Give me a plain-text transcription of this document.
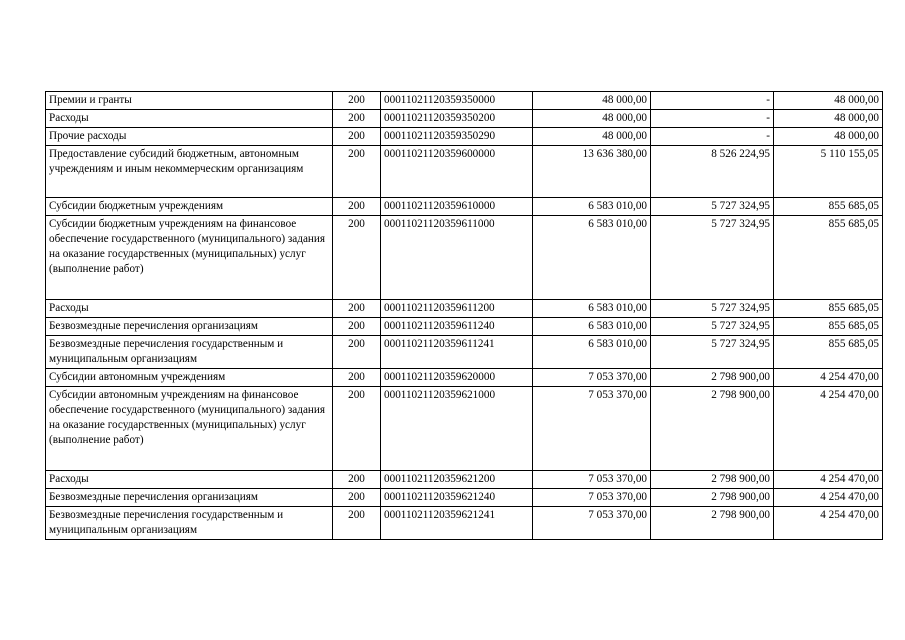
Премии и гранты	200	00011021120359350000	48 000,00	-	48 000,00
Расходы	200	00011021120359350200	48 000,00	-	48 000,00
Прочие расходы	200	00011021120359350290	48 000,00	-	48 000,00
Предоставление субсидий бюджетным, автономным учреждениям и иным некоммерческим организациям	200	00011021120359600000	13 636 380,00	8 526 224,95	5 110 155,05
Субсидии бюджетным учреждениям	200	00011021120359610000	6 583 010,00	5 727 324,95	855 685,05
Субсидии бюджетным учреждениям на финансовое обеспечение государственного (муниципального) задания на оказание государственных (муниципальных) услуг (выполнение работ)	200	00011021120359611000	6 583 010,00	5 727 324,95	855 685,05
Расходы	200	00011021120359611200	6 583 010,00	5 727 324,95	855 685,05
Безвозмездные перечисления организациям	200	00011021120359611240	6 583 010,00	5 727 324,95	855 685,05
Безвозмездные перечисления государственным и муниципальным организациям	200	00011021120359611241	6 583 010,00	5 727 324,95	855 685,05
Субсидии автономным учреждениям	200	00011021120359620000	7 053 370,00	2 798 900,00	4 254 470,00
Субсидии автономным учреждениям на финансовое обеспечение государственного (муниципального) задания на оказание государственных (муниципальных) услуг (выполнение работ)	200	00011021120359621000	7 053 370,00	2 798 900,00	4 254 470,00
Расходы	200	00011021120359621200	7 053 370,00	2 798 900,00	4 254 470,00
Безвозмездные перечисления организациям	200	00011021120359621240	7 053 370,00	2 798 900,00	4 254 470,00
Безвозмездные перечисления государственным и муниципальным организациям	200	00011021120359621241	7 053 370,00	2 798 900,00	4 254 470,00
